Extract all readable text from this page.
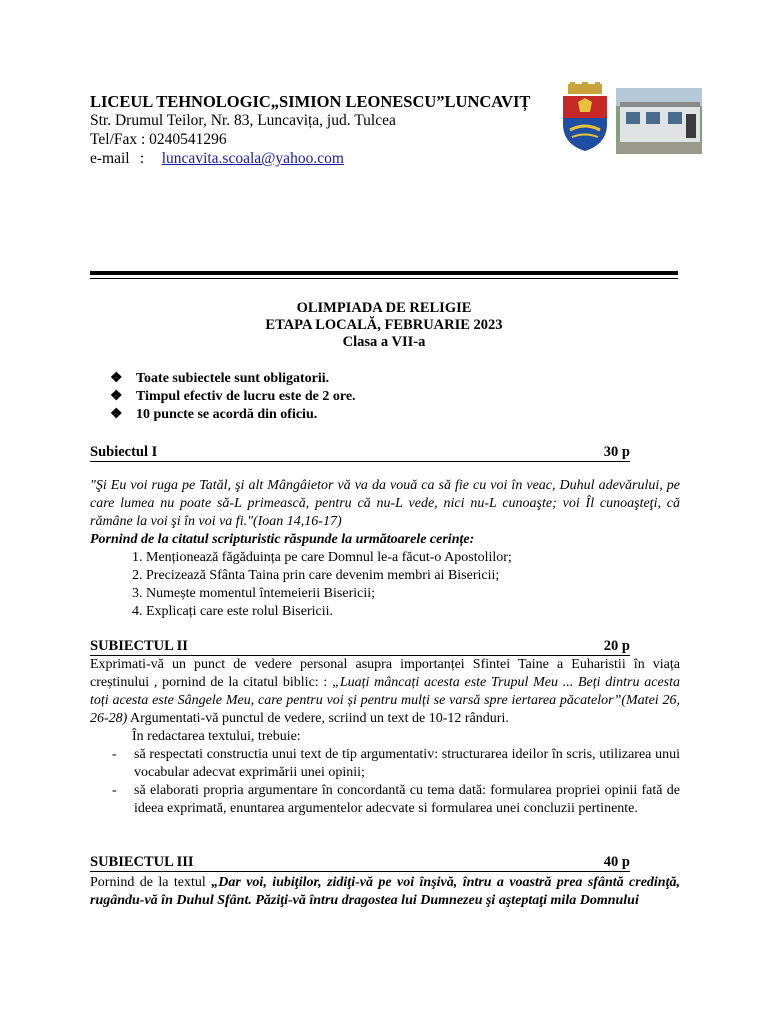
LICEUL TEHNOLOGIC„SIMION LEONESCU”LUNCAVIȚ
Str. Drumul Teilor, Nr. 83, Luncavița, jud. Tulcea
Tel/Fax : 0240541296
e-mail : luncavita.scoala@yahoo.com
OLIMPIADA DE RELIGIE
ETAPA LOCALĂ, FEBRUARIE 2023
Clasa a VII-a
❖ Toate subiectele sunt obligatorii.
❖ Timpul efectiv de lucru este de 2 ore.
❖ 10 puncte se acordă din oficiu.
Subiectul I	30 p
"Şi Eu voi ruga pe Tatăl, şi alt Mângâietor vă va da vouă ca să fie cu voi în veac, Duhul adevărului, pe care lumea nu poate să-L primească, pentru că nu-L vede, nici nu-L cunoaşte; voi Îl cunoaşteţi, că rămâne la voi şi în voi va fi."(Ioan 14,16-17)
Pornind de la citatul scripturistic răspunde la următoarele cerințe:
1. Menționează făgăduința pe care Domnul le-a făcut-o Apostolilor;
2. Precizează Sfânta Taina prin care devenim membri ai Bisericii;
3. Numește momentul întemeierii Bisericii;
4. Explicați care este rolul Bisericii.
SUBIECTUL II	20 p
Exprimati-vă un punct de vedere personal asupra importanței Sfintei Taine a Euharistii în viața creștinului , pornind de la citatul biblic: : „Luați mâncați acesta este Trupul Meu ... Beți dintru acesta toți acesta este Sângele Meu, care pentru voi și pentru mulți se varsă spre iertarea păcatelor”(Matei 26, 26-28) Argumentati-vă punctul de vedere, scriind un text de 10-12 rânduri.
În redactarea textului, trebuie:
-	să respectati constructia unui text de tip argumentativ: structurarea ideilor în scris, utilizarea unui vocabular adecvat exprimării unei opinii;
-	să elaborati propria argumentare în concordantă cu tema dată: formularea propriei opinii fată de ideea exprimată, enuntarea argumentelor adecvate si formularea unei concluzii pertinente.
SUBIECTUL III	40 p
Pornind de la textul „Dar voi, iubiţilor, zidiţi-vă pe voi înşivă, întru a voastră prea sfântă credinţă, rugându-vă în Duhul Sfânt. Păziţi-vă întru dragostea lui Dumnezeu şi aşteptaţi mila Domnului
